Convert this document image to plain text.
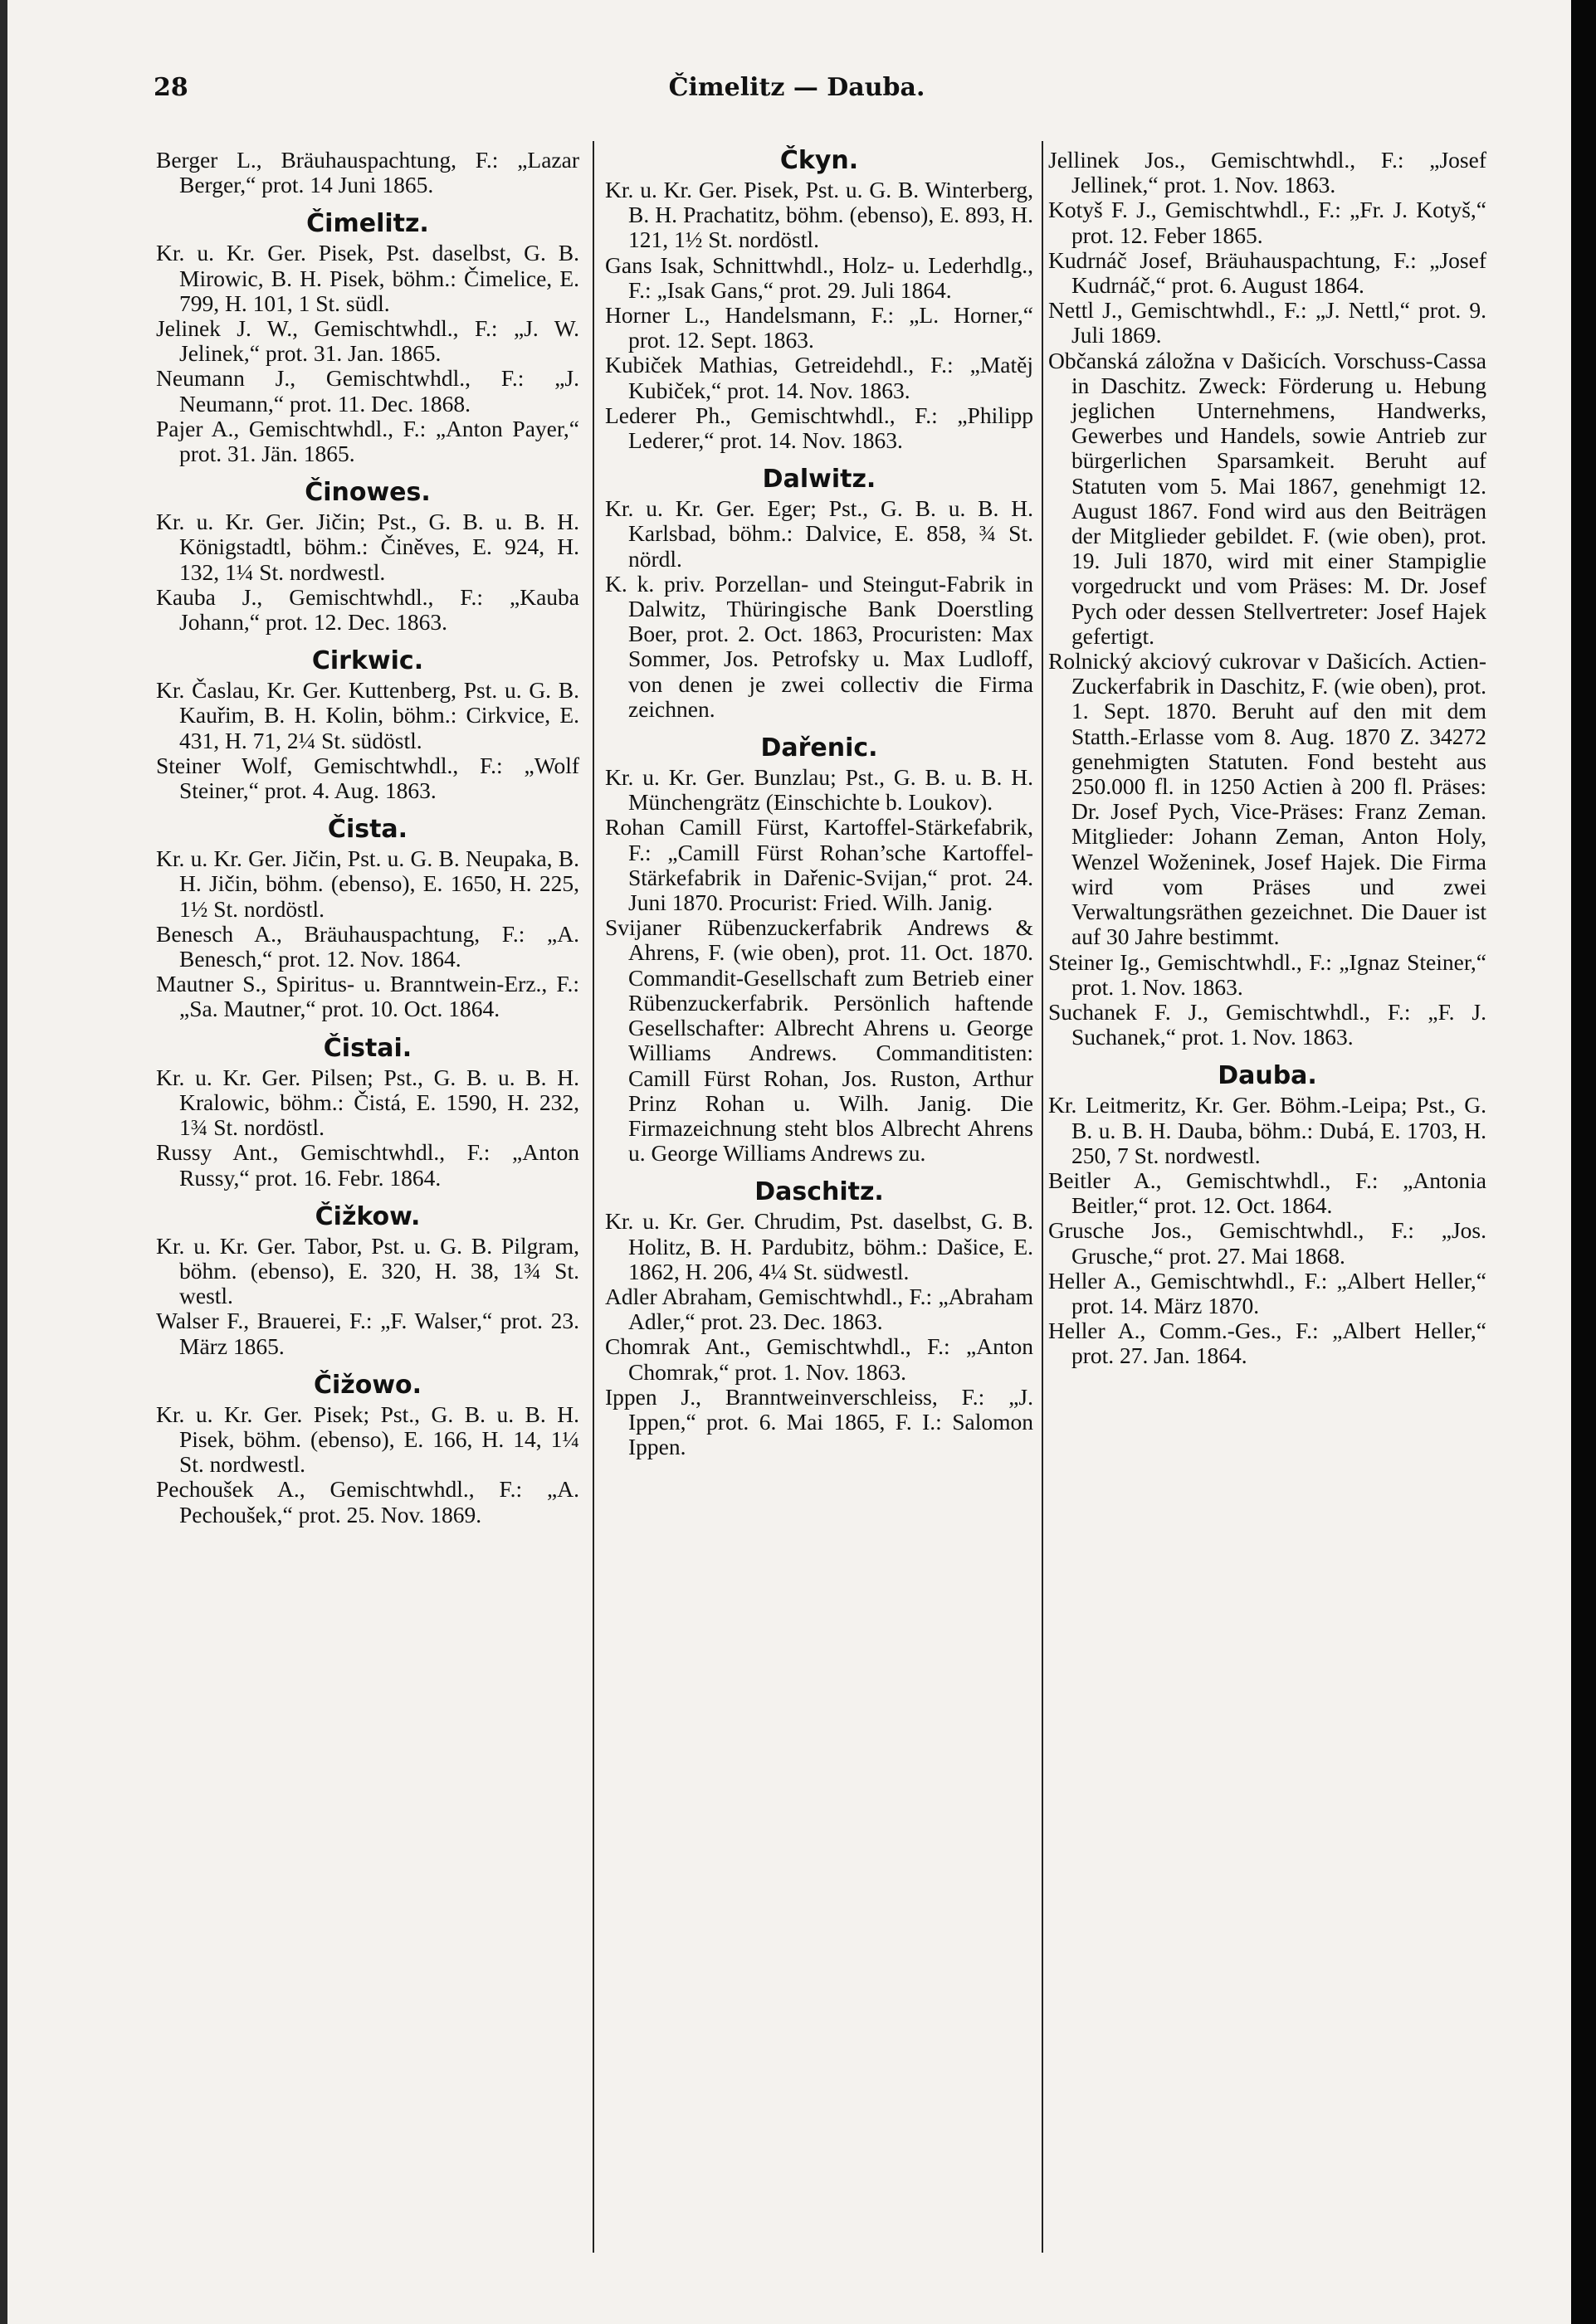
28	Čimelitz — Dauba.

Berger L., Bräuhauspachtung, F.: „Lazar Berger,“ prot. 14 Juni 1865.

Čimelitz.

Kr. u. Kr. Ger. Pisek, Pst. daselbst, G. B. Mirowic, B. H. Pisek, böhm.: Čimelice, E. 799, H. 101, 1 St. südl.

Jelinek J. W., Gemischtwhdl., F.: „J. W. Jelinek,“ prot. 31. Jan. 1865.

Neumann J., Gemischtwhdl., F.: „J. Neumann,“ prot. 11. Dec. 1868.

Pajer A., Gemischtwhdl., F.: „Anton Payer,“ prot. 31. Jän. 1865.

Činowes.

Kr. u. Kr. Ger. Jičin; Pst., G. B. u. B. H. Königstadtl, böhm.: Činěves, E. 924, H. 132, 1¼ St. nordwestl.

Kauba J., Gemischtwhdl., F.: „Kauba Johann,“ prot. 12. Dec. 1863.

Cirkwic.

Kr. Časlau, Kr. Ger. Kuttenberg, Pst. u. G. B. Kauřim, B. H. Kolin, böhm.: Cirkvice, E. 431, H. 71, 2¼ St. südöstl.

Steiner Wolf, Gemischtwhdl., F.: „Wolf Steiner,“ prot. 4. Aug. 1863.

Čista.

Kr. u. Kr. Ger. Jičin, Pst. u. G. B. Neupaka, B. H. Jičin, böhm. (ebenso), E. 1650, H. 225, 1½ St. nordöstl.

Benesch A., Bräuhauspachtung, F.: „A. Benesch,“ prot. 12. Nov. 1864.

Mautner S., Spiritus- u. Branntwein-Erz., F.: „Sa. Mautner,“ prot. 10. Oct. 1864.

Čistai.

Kr. u. Kr. Ger. Pilsen; Pst., G. B. u. B. H. Kralowic, böhm.: Čistá, E. 1590, H. 232, 1¾ St. nordöstl.

Russy Ant., Gemischtwhdl., F.: „Anton Russy,“ prot. 16. Febr. 1864.

Čižkow.

Kr. u. Kr. Ger. Tabor, Pst. u. G. B. Pilgram, böhm. (ebenso), E. 320, H. 38, 1¾ St. westl.

Walser F., Brauerei, F.: „F. Walser,“ prot. 23. März 1865.

Čižowo.

Kr. u. Kr. Ger. Pisek; Pst., G. B. u. B. H. Pisek, böhm. (ebenso), E. 166, H. 14, 1¼ St. nordwestl.

Pechoušek A., Gemischtwhdl., F.: „A. Pechoušek,“ prot. 25. Nov. 1869.

Čkyn.

Kr. u. Kr. Ger. Pisek, Pst. u. G. B. Winterberg, B. H. Prachatitz, böhm. (ebenso), E. 893, H. 121, 1½ St. nordöstl.

Gans Isak, Schnittwhdl., Holz- u. Lederhdlg., F.: „Isak Gans,“ prot. 29. Juli 1864.

Horner L., Handelsmann, F.: „L. Horner,“ prot. 12. Sept. 1863.

Kubiček Mathias, Getreidehdl., F.: „Matěj Kubiček,“ prot. 14. Nov. 1863.

Lederer Ph., Gemischtwhdl., F.: „Philipp Lederer,“ prot. 14. Nov. 1863.

Dalwitz.

Kr. u. Kr. Ger. Eger; Pst., G. B. u. B. H. Karlsbad, böhm.: Dalvice, E. 858, ¾ St. nördl.

K. k. priv. Porzellan- und Steingut-Fabrik in Dalwitz, Thüringische Bank Doerstling Boer, prot. 2. Oct. 1863, Procuristen: Max Sommer, Jos. Petrofsky u. Max Ludloff, von denen je zwei collectiv die Firma zeichnen.

Dařenic.

Kr. u. Kr. Ger. Bunzlau; Pst., G. B. u. B. H. Münchengrätz (Einschichte b. Loukov).

Rohan Camill Fürst, Kartoffel-Stärkefabrik, F.: „Camill Fürst Rohan’sche Kartoffel-Stärkefabrik in Dařenic-Svijan,“ prot. 24. Juni 1870. Procurist: Fried. Wilh. Janig.

Svijaner Rübenzuckerfabrik Andrews & Ahrens, F. (wie oben), prot. 11. Oct. 1870. Commandit-Gesellschaft zum Betrieb einer Rübenzuckerfabrik. Persönlich haftende Gesellschafter: Albrecht Ahrens u. George Williams Andrews. Commanditisten: Camill Fürst Rohan, Jos. Ruston, Arthur Prinz Rohan u. Wilh. Janig. Die Firmazeichnung steht blos Albrecht Ahrens u. George Williams Andrews zu.

Daschitz.

Kr. u. Kr. Ger. Chrudim, Pst. daselbst, G. B. Holitz, B. H. Pardubitz, böhm.: Dašice, E. 1862, H. 206, 4¼ St. südwestl.

Adler Abraham, Gemischtwhdl., F.: „Abraham Adler,“ prot. 23. Dec. 1863.

Chomrak Ant., Gemischtwhdl., F.: „Anton Chomrak,“ prot. 1. Nov. 1863.

Ippen J., Branntweinverschleiss, F.: „J. Ippen,“ prot. 6. Mai 1865, F. I.: Salomon Ippen.

Jellinek Jos., Gemischtwhdl., F.: „Josef Jellinek,“ prot. 1. Nov. 1863.

Kotyš F. J., Gemischtwhdl., F.: „Fr. J. Kotyš,“ prot. 12. Feber 1865.

Kudrnáč Josef, Bräuhauspachtung, F.: „Josef Kudrnáč,“ prot. 6. August 1864.

Nettl J., Gemischtwhdl., F.: „J. Nettl,“ prot. 9. Juli 1869.

Občanská záložna v Dašicích. Vorschuss-Cassa in Daschitz. Zweck: Förderung u. Hebung jeglichen Unternehmens, Handwerks, Gewerbes und Handels, sowie Antrieb zur bürgerlichen Sparsamkeit. Beruht auf Statuten vom 5. Mai 1867, genehmigt 12. August 1867. Fond wird aus den Beiträgen der Mitglieder gebildet. F. (wie oben), prot. 19. Juli 1870, wird mit einer Stampiglie vorgedruckt und vom Präses: M. Dr. Josef Pych oder dessen Stellvertreter: Josef Hajek gefertigt.

Rolnický akciový cukrovar v Dašicích. Actien-Zuckerfabrik in Daschitz, F. (wie oben), prot. 1. Sept. 1870. Beruht auf den mit dem Statth.-Erlasse vom 8. Aug. 1870 Z. 34272 genehmigten Statuten. Fond besteht aus 250.000 fl. in 1250 Actien à 200 fl. Präses: Dr. Josef Pych, Vice-Präses: Franz Zeman. Mitglieder: Johann Zeman, Anton Holy, Wenzel Woženinek, Josef Hajek. Die Firma wird vom Präses und zwei Verwaltungsräthen gezeichnet. Die Dauer ist auf 30 Jahre bestimmt.

Steiner Ig., Gemischtwhdl., F.: „Ignaz Steiner,“ prot. 1. Nov. 1863.

Suchanek F. J., Gemischtwhdl., F.: „F. J. Suchanek,“ prot. 1. Nov. 1863.

Dauba.

Kr. Leitmeritz, Kr. Ger. Böhm.-Leipa; Pst., G. B. u. B. H. Dauba, böhm.: Dubá, E. 1703, H. 250, 7 St. nordwestl.

Beitler A., Gemischtwhdl., F.: „Antonia Beitler,“ prot. 12. Oct. 1864.

Grusche Jos., Gemischtwhdl., F.: „Jos. Grusche,“ prot. 27. Mai 1868.

Heller A., Gemischtwhdl., F.: „Albert Heller,“ prot. 14. März 1870.

Heller A., Comm.-Ges., F.: „Albert Heller,“ prot. 27. Jan. 1864.
